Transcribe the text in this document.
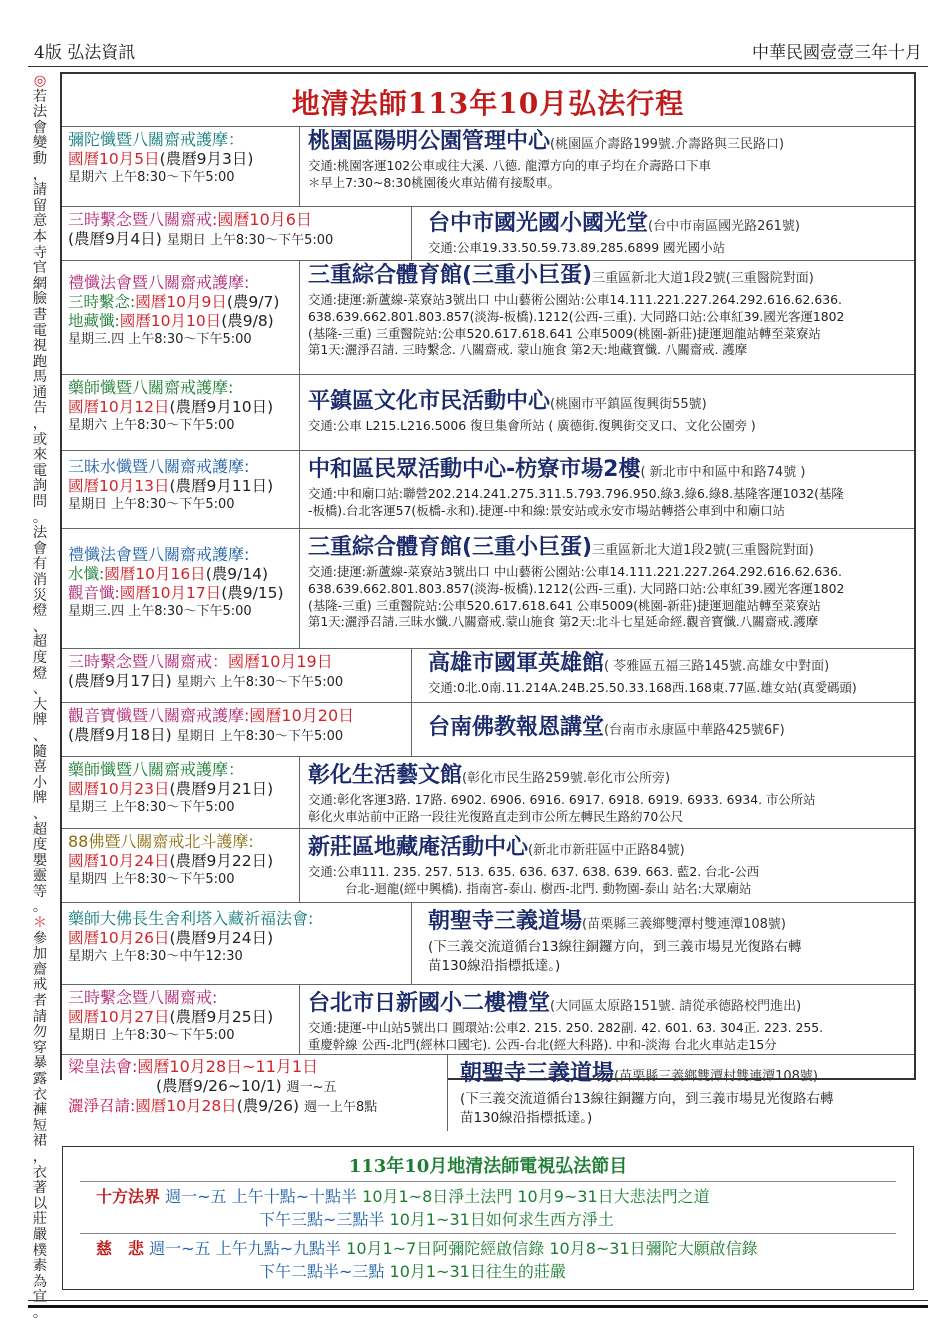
4版 弘法資訊	中華民國壹壹三年十月
◎
若
法
會
變
動
，
請
留
意
本
寺
官
網
臉
書
電
視
跑
馬
通
告
，
或
來
電
詢
問
。
法
會
有
消
災
燈
、
超
度
燈
、
大
牌
、
隨
喜
小
牌
、
超
度
嬰
靈
等
。
＊
參
加
齋
戒
者
請
勿
穿
暴
露
衣
褲
短
裙
，
衣
著
以
莊
嚴
樸
素
為
宜
。
地清法師113年10月弘法行程
彌陀懺暨八關齋戒護摩：
國曆10月5日(農曆9月3日)
星期六 上午8:30～下午5:00
桃園區陽明公園管理中心(桃園區介壽路199號.介壽路與三民路口)
交通:桃園客運102公車或往大溪. 八德. 龍潭方向的車子均在介壽路口下車
＊早上7:30~8:30桃園後火車站備有接駁車。
三時繫念暨八關齋戒:國曆10月6日
(農曆9月4日) 星期日 上午8:30～下午5:00
台中市國光國小國光堂(台中市南區國光路261號)
交通:公車19.33.50.59.73.89.285.6899 國光國小站
禮懺法會暨八關齋戒護摩:
三時繫念:國曆10月9日(農9/7)
地藏懺:國曆10月10日(農9/8)
星期三.四 上午8:30～下午5:00
三重綜合體育館(三重小巨蛋)三重區新北大道1段2號(三重醫院對面)
交通:捷運:新蘆線-菜寮站3號出口 中山藝術公園站:公車14.111.221.227.264.292.616.62.636.
638.639.662.801.803.857(淡海-板橋).1212(公西-三重). 大同路口站:公車紅39.國光客運1802
(基隆-三重) 三重醫院站:公車520.617.618.641 公車5009(桃園-新莊)捷運迴龍站轉至菜寮站
第1天:灑淨召請. 三時繫念. 八關齋戒. 蒙山施食 第2天:地藏寶懺. 八關齋戒. 護摩
藥師懺暨八關齋戒護摩:
國曆10月12日(農曆9月10日)
星期六 上午8:30～下午5:00
平鎮區文化市民活動中心(桃園市平鎮區復興街55號)
交通:公車 L215.L216.5006 復旦集會所站 ( 廣德街.復興街交叉口、文化公園旁 )
三昧水懺暨八關齋戒護摩:
國曆10月13日(農曆9月11日)
星期日 上午8:30～下午5:00
中和區民眾活動中心-枋寮市場2樓( 新北市中和區中和路74號 )
交通:中和廟口站:聯營202.214.241.275.311.5.793.796.950.綠3.綠6.綠8.基隆客運1032(基隆
-板橋).台北客運57(板橋-永和).捷運-中和線:景安站或永安市場站轉搭公車到中和廟口站
禮懺法會暨八關齋戒護摩:
水懺:國曆10月16日(農9/14)
觀音懺:國曆10月17日(農9/15)
星期三.四 上午8:30～下午5:00
三重綜合體育館(三重小巨蛋)三重區新北大道1段2號(三重醫院對面)
交通:捷運:新蘆線-菜寮站3號出口 中山藝術公園站:公車14.111.221.227.264.292.616.62.636.
638.639.662.801.803.857(淡海-板橋).1212(公西-三重). 大同路口站:公車紅39.國光客運1802
(基隆-三重) 三重醫院站:公車520.617.618.641 公車5009(桃園-新莊)捷運迴龍站轉至菜寮站
第1天:灑淨召請.三昧水懺.八關齋戒.蒙山施食 第2天:北斗七星延命經.觀音寶懺.八關齋戒.護摩
三時繫念暨八關齋戒：國曆10月19日
(農曆9月17日) 星期六 上午8:30～下午5:00
高雄市國軍英雄館( 苓雅區五福三路145號.高雄女中對面)
交通:0北.0南.11.214A.24B.25.50.33.168西.168東.77區.雄女站(真愛碼頭)
觀音寶懺暨八關齋戒護摩:國曆10月20日
(農曆9月18日) 星期日 上午8:30～下午5:00	台南佛教報恩講堂(台南市永康區中華路425號6F)
藥師懺暨八關齋戒護摩：
國曆10月23日(農曆9月21日)
星期三 上午8:30～下午5:00
彰化生活藝文館(彰化市民生路259號.彰化市公所旁)
交通:彰化客運3路. 17路. 6902. 6906. 6916. 6917. 6918. 6919. 6933. 6934. 市公所站
彰化火車站前中正路一段往光復路直走到市公所左轉民生路約70公尺
88佛暨八關齋戒北斗護摩:
國曆10月24日(農曆9月22日)
星期四 上午8:30～下午5:00
新莊區地藏庵活動中心(新北市新莊區中正路84號)
交通:公車111. 235. 257. 513. 635. 636. 637. 638. 639. 663. 藍2. 台北-公西
　　　台北-迴龍(經中興橋). 指南宮-泰山. 樹西-北門. 動物園-泰山 站名:大眾廟站
藥師大佛長生舍利塔入藏祈福法會:
國曆10月26日(農曆9月24日)
星期六 上午8:30～中午12:30
朝聖寺三義道場(苗栗縣三義鄉雙潭村雙連潭108號)
(下三義交流道循台13線往銅鑼方向，到三義市場見光復路右轉
苗130線沿指標抵達。)
三時繫念暨八關齋戒:
國曆10月27日(農曆9月25日)
星期日 上午8:30～下午5:00
台北市日新國小二樓禮堂(大同區太原路151號. 請從承德路校門進出)
交通:捷運-中山站5號出口 圓環站:公車2. 215. 250. 282副. 42. 601. 63. 304正. 223. 255.
重慶幹線 公西-北門(經林口國宅). 公西-台北(經大科路). 中和-淡海 台北火車站走15分
梁皇法會:國曆10月28日~11月1日
(農曆9/26~10/1) 週一~五
灑淨召請:國曆10月28日(農9/26) 週一上午8點
朝聖寺三義道場(苗栗縣三義鄉雙潭村雙連潭108號)
(下三義交流道循台13線往銅鑼方向，到三義市場見光復路右轉
苗130線沿指標抵達。)
113年10月地清法師電視弘法節目
十方法界 週一~五 上午十點~十點半 10月1~8日淨土法門 10月9~31日大悲法門之道
下午三點~三點半 10月1~31日如何求生西方淨土
慈　悲 週一~五 上午九點~九點半 10月1~7日阿彌陀經啟信錄 10月8~31日彌陀大願啟信錄
下午二點半~三點 10月1~31日往生的莊嚴
